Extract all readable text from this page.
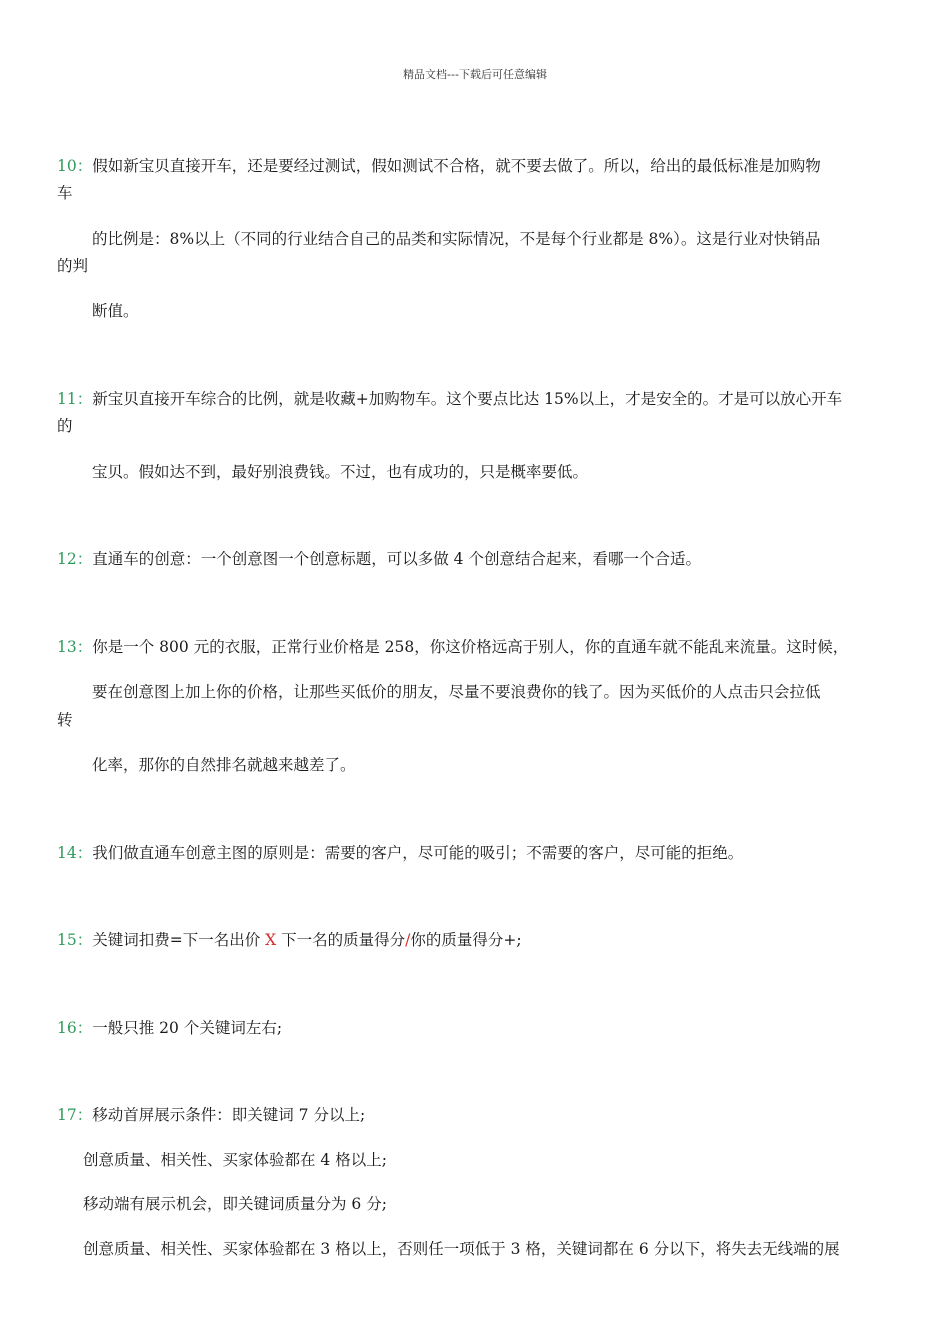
精品文档---下载后可任意编辑
10：假如新宝贝直接开车，还是要经过测试，假如测试不合格，就不要去做了。所以，给出的最低标准是加购物
车
的比例是：8%以上（不同的行业结合自己的品类和实际情况，不是每个行业都是 8%）。这是行业对快销品
的判
断值。
11：新宝贝直接开车综合的比例，就是收藏+加购物车。这个要点比达 15%以上，才是安全的。才是可以放心开车
的
宝贝。假如达不到，最好别浪费钱。不过，也有成功的，只是概率要低。
12：直通车的创意：一个创意图一个创意标题，可以多做 4 个创意结合起来，看哪一个合适。
13：你是一个 800 元的衣服，正常行业价格是 258，你这价格远高于别人，你的直通车就不能乱来流量。这时候，
要在创意图上加上你的价格，让那些买低价的朋友，尽量不要浪费你的钱了。因为买低价的人点击只会拉低
转
化率，那你的自然排名就越来越差了。
14：我们做直通车创意主图的原则是：需要的客户，尽可能的吸引；不需要的客户，尽可能的拒绝。
15：关键词扣费=下一名出价 X 下一名的质量得分/你的质量得分+;
16：一般只推 20 个关键词左右;
17：移动首屏展示条件：即关键词 7 分以上;
创意质量、相关性、买家体验都在 4 格以上;
移动端有展示机会，即关键词质量分为 6 分;
创意质量、相关性、买家体验都在 3 格以上，否则任一项低于 3 格，关键词都在 6 分以下，将失去无线端的展
